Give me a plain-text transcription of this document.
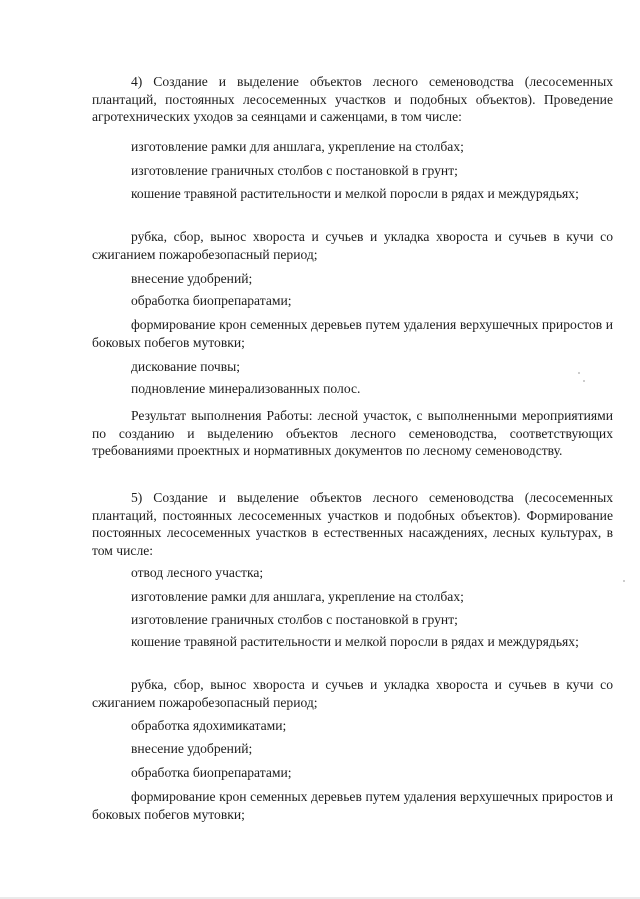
4) Создание и выделение объектов лесного семеноводства (лесосеменных плантаций, постоянных лесосеменных участков и подобных объектов). Проведение агротехнических уходов за сеянцами и саженцами, в том числе:

изготовление рамки для аншлага, укрепление на столбах;

изготовление граничных столбов с постановкой в грунт;

кошение травяной растительности и мелкой поросли в рядах и междурядьях;

рубка, сбор, вынос хвороста и сучьев и укладка хвороста и сучьев в кучи со сжиганием пожаробезопасный период;

внесение удобрений;

обработка биопрепаратами;

формирование крон семенных деревьев путем удаления верхушечных приростов и боковых побегов мутовки;

дискование почвы;

подновление минерализованных полос.

Результат выполнения Работы: лесной участок, с выполненными мероприятиями по созданию и выделению объектов лесного семеноводства, соответствующих требованиями проектных и нормативных документов по лесному семеноводству.

5) Создание и выделение объектов лесного семеноводства (лесосеменных плантаций, постоянных лесосеменных участков и подобных объектов). Формирование постоянных лесосеменных участков в естественных насаждениях, лесных культурах, в том числе:

отвод лесного участка;

изготовление рамки для аншлага, укрепление на столбах;

изготовление граничных столбов с постановкой в грунт;

кошение травяной растительности и мелкой поросли в рядах и междурядьях;

рубка, сбор, вынос хвороста и сучьев и укладка хвороста и сучьев в кучи со сжиганием пожаробезопасный период;

обработка ядохимикатами;

внесение удобрений;

обработка биопрепаратами;

формирование крон семенных деревьев путем удаления верхушечных приростов и боковых побегов мутовки;
